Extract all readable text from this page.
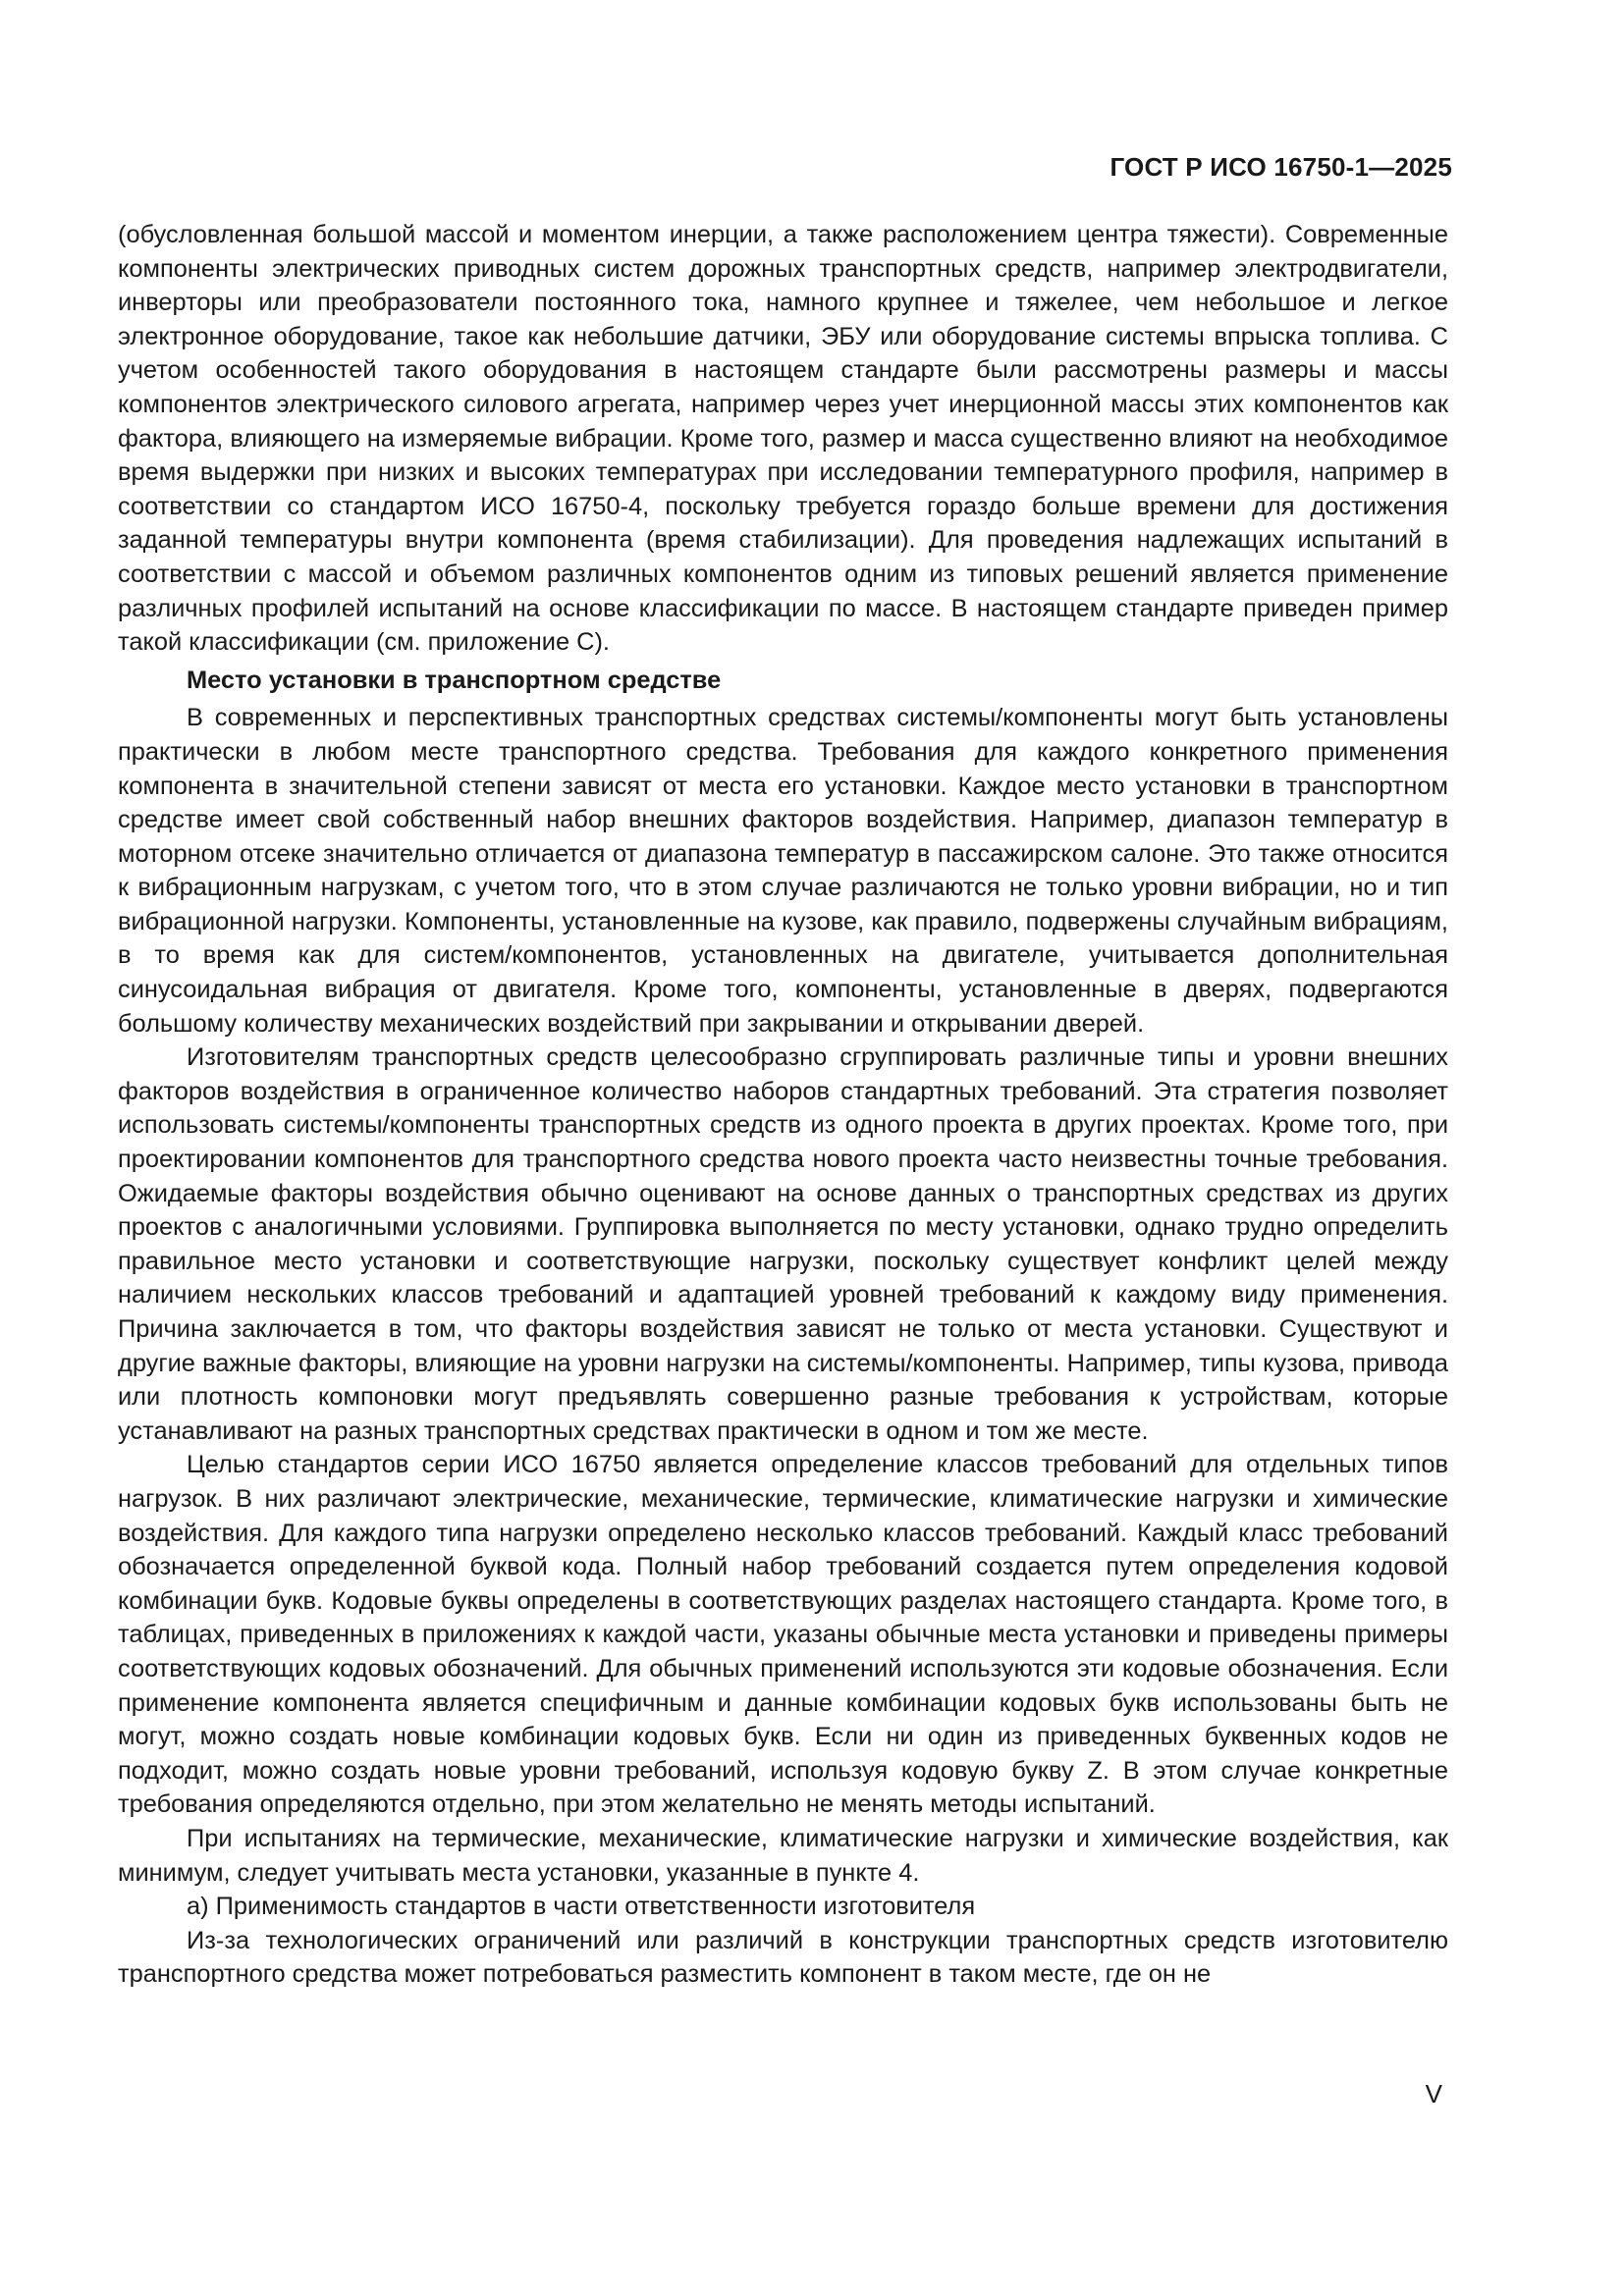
ГОСТ Р ИСО 16750-1—2025

(обусловленная большой массой и моментом инерции, а также расположением центра тяжести). Современные компоненты электрических приводных систем дорожных транспортных средств, например электродвигатели, инверторы или преобразователи постоянного тока, намного крупнее и тяжелее, чем небольшое и легкое электронное оборудование, такое как небольшие датчики, ЭБУ или оборудование системы впрыска топлива. С учетом особенностей такого оборудования в настоящем стандарте были рассмотрены размеры и массы компонентов электрического силового агрегата, например через учет инерционной массы этих компонентов как фактора, влияющего на измеряемые вибрации. Кроме того, размер и масса существенно влияют на необходимое время выдержки при низких и высоких температурах при исследовании температурного профиля, например в соответствии со стандартом ИСО 16750-4, поскольку требуется гораздо больше времени для достижения заданной температуры внутри компонента (время стабилизации). Для проведения надлежащих испытаний в соответствии с массой и объемом различных компонентов одним из типовых решений является применение различных профилей испытаний на основе классификации по массе. В настоящем стандарте приведен пример такой классификации (см. приложение С).

Место установки в транспортном средстве

В современных и перспективных транспортных средствах системы/компоненты могут быть установлены практически в любом месте транспортного средства. Требования для каждого конкретного применения компонента в значительной степени зависят от места его установки. Каждое место установки в транспортном средстве имеет свой собственный набор внешних факторов воздействия. Например, диапазон температур в моторном отсеке значительно отличается от диапазона температур в пассажирском салоне. Это также относится к вибрационным нагрузкам, с учетом того, что в этом случае различаются не только уровни вибрации, но и тип вибрационной нагрузки. Компоненты, установленные на кузове, как правило, подвержены случайным вибрациям, в то время как для систем/компонентов, установленных на двигателе, учитывается дополнительная синусоидальная вибрация от двигателя. Кроме того, компоненты, установленные в дверях, подвергаются большому количеству механических воздействий при закрывании и открывании дверей.

Изготовителям транспортных средств целесообразно сгруппировать различные типы и уровни внешних факторов воздействия в ограниченное количество наборов стандартных требований. Эта стратегия позволяет использовать системы/компоненты транспортных средств из одного проекта в других проектах. Кроме того, при проектировании компонентов для транспортного средства нового проекта часто неизвестны точные требования. Ожидаемые факторы воздействия обычно оценивают на основе данных о транспортных средствах из других проектов с аналогичными условиями. Группировка выполняется по месту установки, однако трудно определить правильное место установки и соответствующие нагрузки, поскольку существует конфликт целей между наличием нескольких классов требований и адаптацией уровней требований к каждому виду применения. Причина заключается в том, что факторы воздействия зависят не только от места установки. Существуют и другие важные факторы, влияющие на уровни нагрузки на системы/компоненты. Например, типы кузова, привода или плотность компоновки могут предъявлять совершенно разные требования к устройствам, которые устанавливают на разных транспортных средствах практически в одном и том же месте.

Целью стандартов серии ИСО 16750 является определение классов требований для отдельных типов нагрузок. В них различают электрические, механические, термические, климатические нагрузки и химические воздействия. Для каждого типа нагрузки определено несколько классов требований. Каждый класс требований обозначается определенной буквой кода. Полный набор требований создается путем определения кодовой комбинации букв. Кодовые буквы определены в соответствующих разделах настоящего стандарта. Кроме того, в таблицах, приведенных в приложениях к каждой части, указаны обычные места установки и приведены примеры соответствующих кодовых обозначений. Для обычных применений используются эти кодовые обозначения. Если применение компонента является специфичным и данные комбинации кодовых букв использованы быть не могут, можно создать новые комбинации кодовых букв. Если ни один из приведенных буквенных кодов не подходит, можно создать новые уровни требований, используя кодовую букву Z. В этом случае конкретные требования определяются отдельно, при этом желательно не менять методы испытаний.

При испытаниях на термические, механические, климатические нагрузки и химические воздействия, как минимум, следует учитывать места установки, указанные в пункте 4.

а) Применимость стандартов в части ответственности изготовителя

Из-за технологических ограничений или различий в конструкции транспортных средств изготовителю транспортного средства может потребоваться разместить компонент в таком месте, где он не

V
